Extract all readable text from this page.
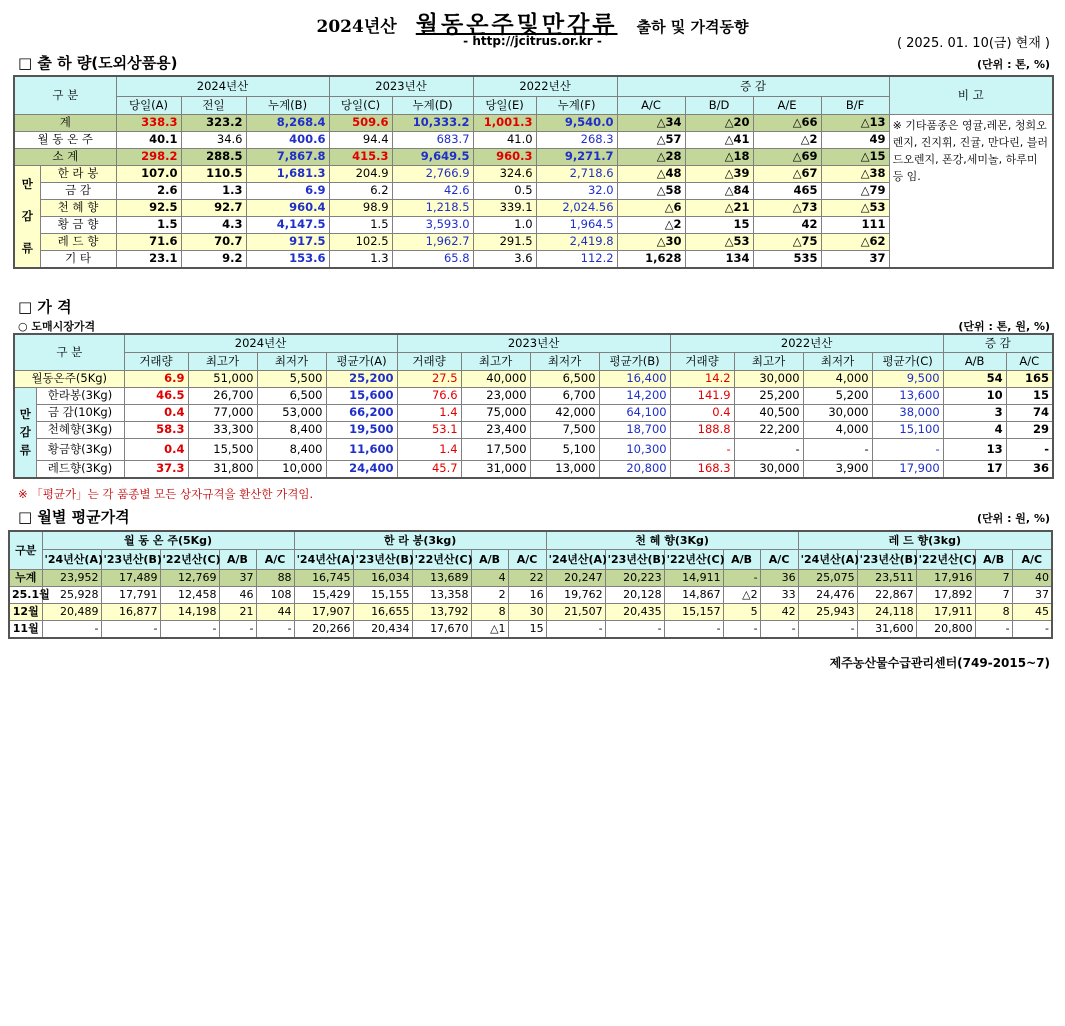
2024년산 월동온주및만감류 출하 및 가격동향
- http://jcitrus.or.kr -	( 2025. 01. 10(금) 현재 )
□ 출 하 량(도외상품용)	(단위 : 톤, %)
구 분		2024년산			2023년산		2022년산		증 감				비 고
		당일(A)	전일	누계(B)	당일(C)	누계(D)	당일(E)	누계(F)	A/C	B/D	A/E	B/F	
계		338.3	323.2	8,268.4	509.6	10,333.2	1,001.3	9,540.0	△34	△20	△66	△13	※ 기타품종은 영귤,레몬, 청희오렌지, 진지휘, 진귤, 만다린, 블러드오렌지, 폰강,세미놀, 하루미 등 임.
월 동 온 주		40.1	34.6	400.6	94.4	683.7	41.0	268.3	△57	△41	△2	49	
소 계		298.2	288.5	7,867.8	415.3	9,649.5	960.3	9,271.7	△28	△18	△69	△15	

만
감
류	한 라 봉	107.0	110.5	1,681.3	204.9	2,766.9	324.6	2,718.6	△48	△39	△67	△38	
	금 감	2.6	1.3	6.9	6.2	42.6	0.5	32.0	△58	△84	465	△79	
	천 혜 향	92.5	92.7	960.4	98.9	1,218.5	339.1	2,024.56	△6	△21	△73	△53	
	황 금 향	1.5	4.3	4,147.5	1.5	3,593.0	1.0	1,964.5	△2	15	42	111	
	레 드 향	71.6	70.7	917.5	102.5	1,962.7	291.5	2,419.8	△30	△53	△75	△62	
	기 타	23.1	9.2	153.6	1.3	65.8	3.6	112.2	1,628	134	535	37	
□ 가 격
○ 도매시장가격	(단위 : 톤, 원, %)
구 분		2024년산				2023년산				2022년산				증 감	
		거래량	최고가	최저가	평균가(A)	거래량	최고가	최저가	평균가(B)	거래량	최고가	최저가	평균가(C)	A/B	A/C
월동온주(5Kg)		6.9	51,000	5,500	25,200	27.5	40,000	6,500	16,400	14.2	30,000	4,000	9,500	54	165

만
감
류	한라봉(3Kg)	46.5	26,700	6,500	15,600	76.6	23,000	6,700	14,200	141.9	25,200	5,200	13,600	10	15
	금 감(10Kg)	0.4	77,000	53,000	66,200	1.4	75,000	42,000	64,100	0.4	40,500	30,000	38,000	3	74
	천혜향(3Kg)	58.3	33,300	8,400	19,500	53.1	23,400	7,500	18,700	188.8	22,200	4,000	15,100	4	29
	황금향(3Kg)	0.4	15,500	8,400	11,600	1.4	17,500	5,100	10,300	-	-	-	-	13	-
	레드향(3Kg)	37.3	31,800	10,000	24,400	45.7	31,000	13,000	20,800	168.3	30,000	3,900	17,900	17	36
※ 「평균가」는 각 품종별 모든 상자규격을 환산한 가격임.
□ 월별 평균가격	(단위 : 원, %)
구분	월 동 온 주(5Kg)					한 라 봉(3kg)					천 혜 향(3Kg)					레 드 향(3kg)				
	'24년산(A)	'23년산(B)	'22년산(C)	A/B	A/C	'24년산(A)	'23년산(B)	'22년산(C)	A/B	A/C	'24년산(A)	'23년산(B)	'22년산(C)	A/B	A/C	'24년산(A)	'23년산(B)	'22년산(C)	A/B	A/C
누계	23,952	17,489	12,769	37	88	16,745	16,034	13,689	4	22	20,247	20,223	14,911	-	36	25,075	23,511	17,916	7	40
25.1월	25,928	17,791	12,458	46	108	15,429	15,155	13,358	2	16	19,762	20,128	14,867	△2	33	24,476	22,867	17,892	7	37
12월	20,489	16,877	14,198	21	44	17,907	16,655	13,792	8	30	21,507	20,435	15,157	5	42	25,943	24,118	17,911	8	45
11월	-	-	-	-	-	20,266	20,434	17,670	△1	15	-	-	-	-	-	-	31,600	20,800	-	-
제주농산물수급관리센터(749-2015~7)
